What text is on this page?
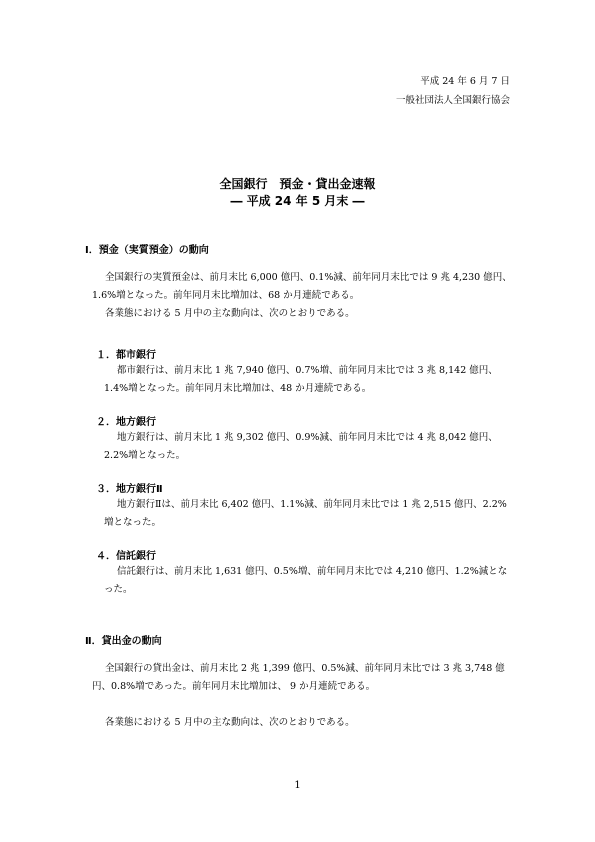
平成 24 年 6 月 7 日
一般社団法人全国銀行協会
全国銀行　預金・貸出金速報
― 平成 24 年 5 月末 ―
Ⅰ．預金（実質預金）の動向
全国銀行の実質預金は、前月末比 6,000 億円、0.1%減、前年同月末比では 9 兆 4,230 億円、1.6%増となった。前年同月末比増加は、68 か月連続である。
各業態における 5 月中の主な動向は、次のとおりである。
１．都市銀行
都市銀行は、前月末比 1 兆 7,940 億円、0.7%増、前年同月末比では 3 兆 8,142 億円、1.4%増となった。前年同月末比増加は、48 か月連続である。
２．地方銀行
地方銀行は、前月末比 1 兆 9,302 億円、0.9%減、前年同月末比では 4 兆 8,042 億円、2.2%増となった。
３．地方銀行Ⅱ
地方銀行Ⅱは、前月末比 6,402 億円、1.1%減、前年同月末比では 1 兆 2,515 億円、2.2%増となった。
４．信託銀行
信託銀行は、前月末比 1,631 億円、0.5%増、前年同月末比では 4,210 億円、1.2%減となった。
Ⅱ．貸出金の動向
全国銀行の貸出金は、前月末比 2 兆 1,399 億円、0.5%減、前年同月末比では 3 兆 3,748 億円、0.8%増であった。前年同月末比増加は、 9 か月連続である。
各業態における 5 月中の主な動向は、次のとおりである。
1
